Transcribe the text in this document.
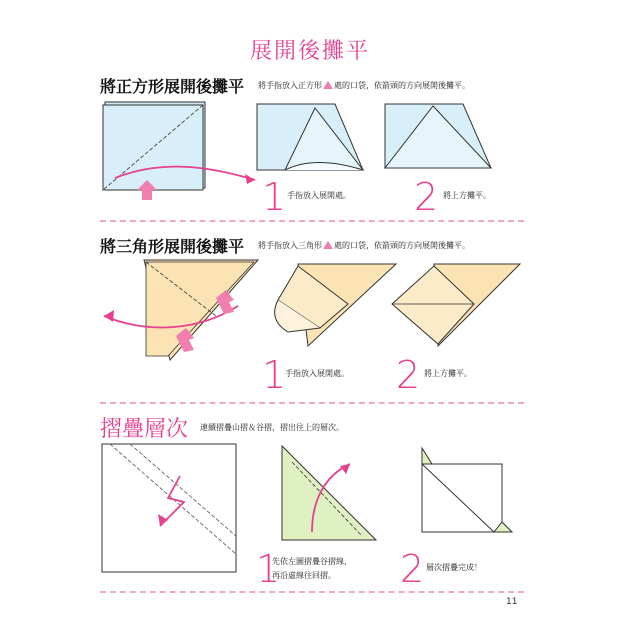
展開後攤平
將正方形展開後攤平 將手指放入正方形 處的口袋，依箭頭的方向展開後攤平。
1 手指放入展開處。 2 將上方攤平。
將三角形展開後攤平 將手指放入三角形 處的口袋，依箭頭的方向展開後攤平。
1
手指放入展開處。 2 將上方攤平。
摺疊層次 連續摺疊山摺＆谷摺，摺出往上的層次。
1
先依左圖摺疊谷摺線，
再沿虛線往回摺。 2 層次摺疊完成！
11
